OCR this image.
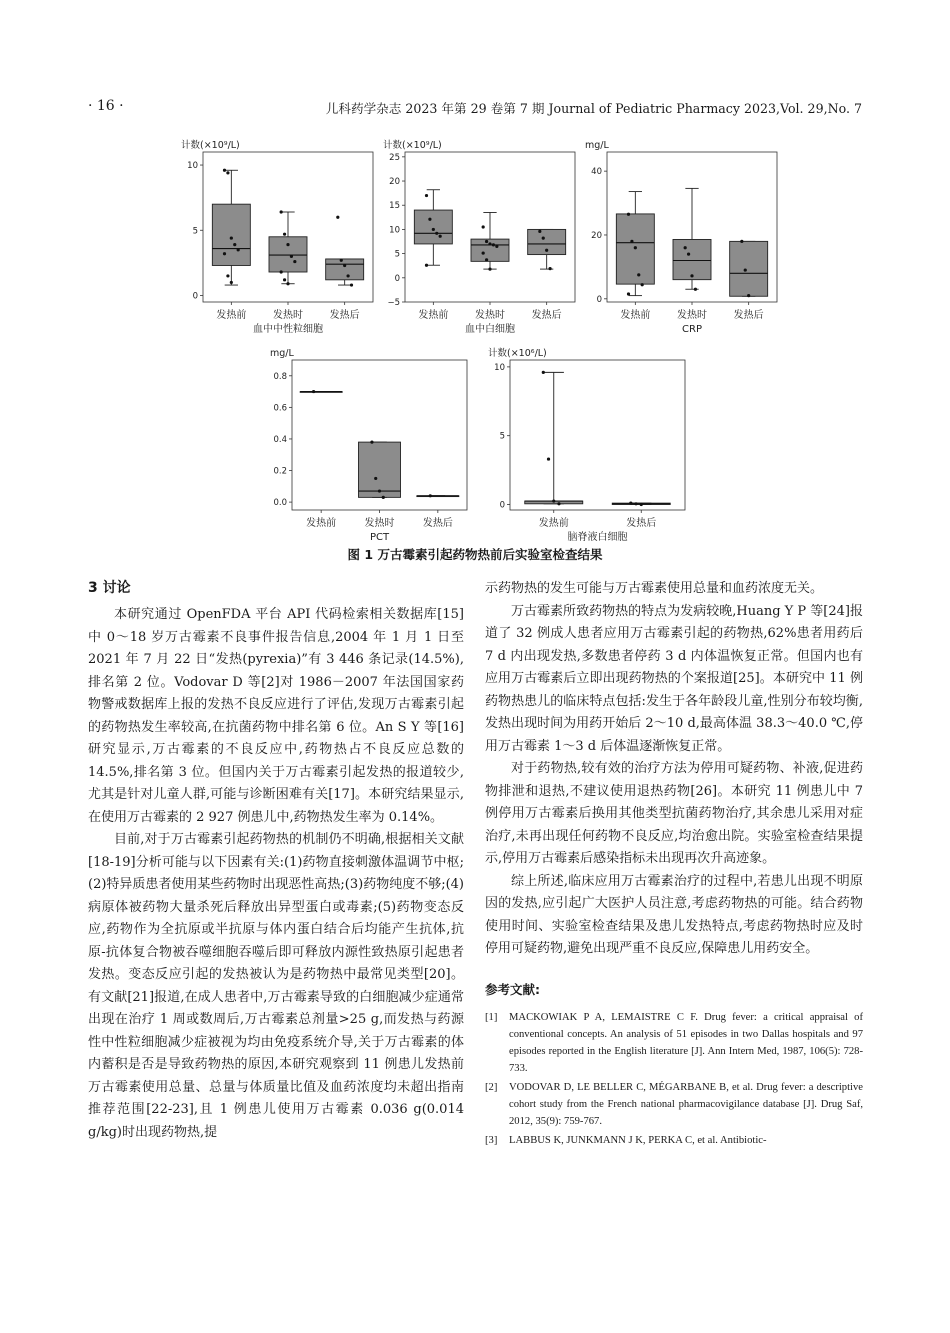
· 16 ·	儿科药学杂志 2023 年第 29 卷第 7 期 Journal of Pediatric Pharmacy 2023,Vol. 29,No. 7
计数(×10⁹/L)
0
5
10
发热前	发热时	发热后
血中中性粒细胞
计数(×10⁹/L)
−5
0
5
10
15
20
25
发热前	发热时	发热后
血中白细胞
mg/L
0
20
40
发热前	发热时	发热后
CRP
mg/L
0.0
0.2
0.4
0.6
0.8
发热前	发热时	发热后
PCT
计数(×10⁶/L)
0
5
10
发热前	发热后
脑脊液白细胞
图 1 万古霉素引起药物热前后实验室检查结果
3 讨论

本研究通过 OpenFDA 平台 API 代码检索相关数据库[15]中 0～18 岁万古霉素不良事件报告信息,2004 年 1 月 1 日至 2021 年 7 月 22 日“发热(pyrexia)”有 3 446 条记录(14.5%),排名第 2 位。Vodovar D 等[2]对 1986－2007 年法国国家药物警戒数据库上报的发热不良反应进行了评估,发现万古霉素引起的药物热发生率较高,在抗菌药物中排名第 6 位。An S Y 等[16]研究显示,万古霉素的不良反应中,药物热占不良反应总数的 14.5%,排名第 3 位。但国内关于万古霉素引起发热的报道较少,尤其是针对儿童人群,可能与诊断困难有关[17]。本研究结果显示,在使用万古霉素的 2 927 例患儿中,药物热发生率为 0.14%。

目前,对于万古霉素引起药物热的机制仍不明确,根据相关文献[18-19]分析可能与以下因素有关:(1)药物直接刺激体温调节中枢;(2)特异质患者使用某些药物时出现恶性高热;(3)药物纯度不够;(4)病原体被药物大量杀死后释放出异型蛋白或毒素;(5)药物变态反应,药物作为全抗原或半抗原与体内蛋白结合后均能产生抗体,抗原-抗体复合物被吞噬细胞吞噬后即可释放内源性致热原引起患者发热。变态反应引起的发热被认为是药物热中最常见类型[20]。有文献[21]报道,在成人患者中,万古霉素导致的白细胞减少症通常出现在治疗 1 周或数周后,万古霉素总剂量>25 g,而发热与药源性中性粒细胞减少症被视为均由免疫系统介导,关于万古霉素的体内蓄积是否是导致药物热的原因,本研究观察到 11 例患儿发热前万古霉素使用总量、总量与体质量比值及血药浓度均未超出指南推荐范围[22-23],且 1 例患儿使用万古霉素 0.036 g(0.014 g/kg)时出现药物热,提

示药物热的发生可能与万古霉素使用总量和血药浓度无关。

万古霉素所致药物热的特点为发病较晚,Huang Y P 等[24]报道了 32 例成人患者应用万古霉素引起的药物热,62%患者用药后 7 d 内出现发热,多数患者停药 3 d 内体温恢复正常。但国内也有应用万古霉素后立即出现药物热的个案报道[25]。本研究中 11 例药物热患儿的临床特点包括:发生于各年龄段儿童,性别分布较均衡,发热出现时间为用药开始后 2～10 d,最高体温 38.3～40.0 ℃,停用万古霉素 1～3 d 后体温逐渐恢复正常。

对于药物热,较有效的治疗方法为停用可疑药物、补液,促进药物排泄和退热,不建议使用退热药物[26]。本研究 11 例患儿中 7 例停用万古霉素后换用其他类型抗菌药物治疗,其余患儿采用对症治疗,未再出现任何药物不良反应,均治愈出院。实验室检查结果提示,停用万古霉素后感染指标未出现再次升高迹象。

综上所述,临床应用万古霉素治疗的过程中,若患儿出现不明原因的发热,应引起广大医护人员注意,考虑药物热的可能。结合药物使用时间、实验室检查结果及患儿发热特点,考虑药物热时应及时停用可疑药物,避免出现严重不良反应,保障患儿用药安全。

参考文献:
[1]	MACKOWIAK P A, LEMAISTRE C F. Drug fever: a critical appraisal of conventional concepts. An analysis of 51 episodes in two Dallas hospitals and 97 episodes reported in the English literature [J]. Ann Intern Med, 1987, 106(5): 728-733.
[2]	VODOVAR D, LE BELLER C, MÉGARBANE B, et al. Drug fever: a descriptive cohort study from the French national pharmacovigilance database [J]. Drug Saf, 2012, 35(9): 759-767.
[3]	LABBUS K, JUNKMANN J K, PERKA C, et al. Antibiotic-
